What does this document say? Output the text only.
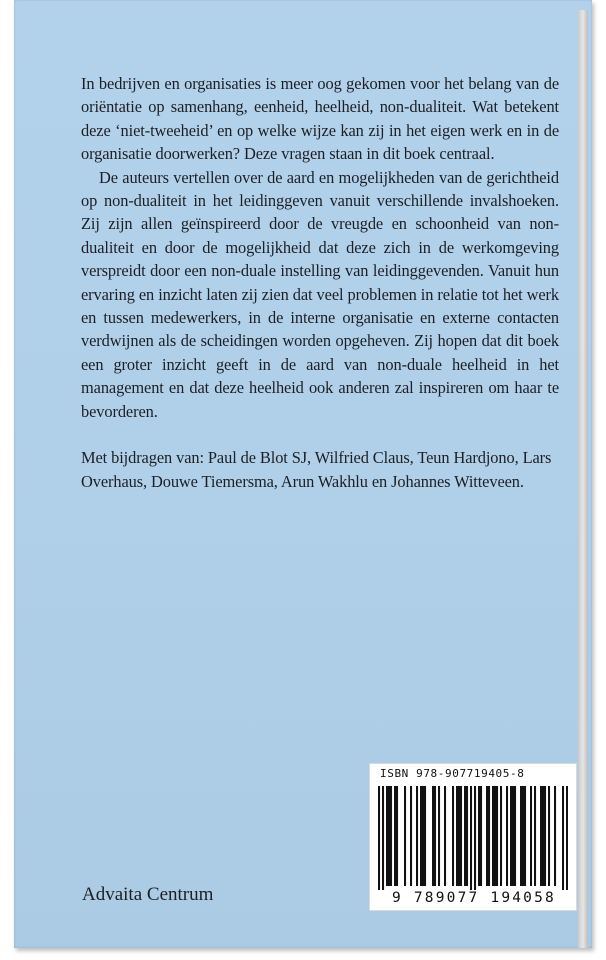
In bedrijven en organisaties is meer oog gekomen voor het belang van de oriëntatie op samenhang, eenheid, heelheid, non-dualiteit. Wat betekent deze ‘niet-tweeheid’ en op welke wijze kan zij in het eigen werk en in de organisatie doorwerken? Deze vragen staan in dit boek centraal.

De auteurs vertellen over de aard en mogelijkheden van de gerichtheid op non-dualiteit in het leidinggeven vanuit verschillende invalshoeken. Zij zijn allen geïnspireerd door de vreugde en schoonheid van non-dualiteit en door de mogelijkheid dat deze zich in de werkomgeving verspreidt door een non-duale instelling van leidinggevenden. Vanuit hun ervaring en inzicht laten zij zien dat veel problemen in relatie tot het werk en tussen medewerkers, in de interne organisatie en externe contacten verdwijnen als de scheidingen worden opgeheven. Zij hopen dat dit boek een groter inzicht geeft in de aard van non-duale heelheid in het management en dat deze heelheid ook anderen zal inspireren om haar te bevorderen.

Met bijdragen van: Paul de Blot SJ, Wilfried Claus, Teun Hardjono, Lars Overhaus, Douwe Tiemersma, Arun Wakhlu en Johannes Witteveen.

Advaita Centrum
ISBN 978-907719405-8
9 789077 194058
